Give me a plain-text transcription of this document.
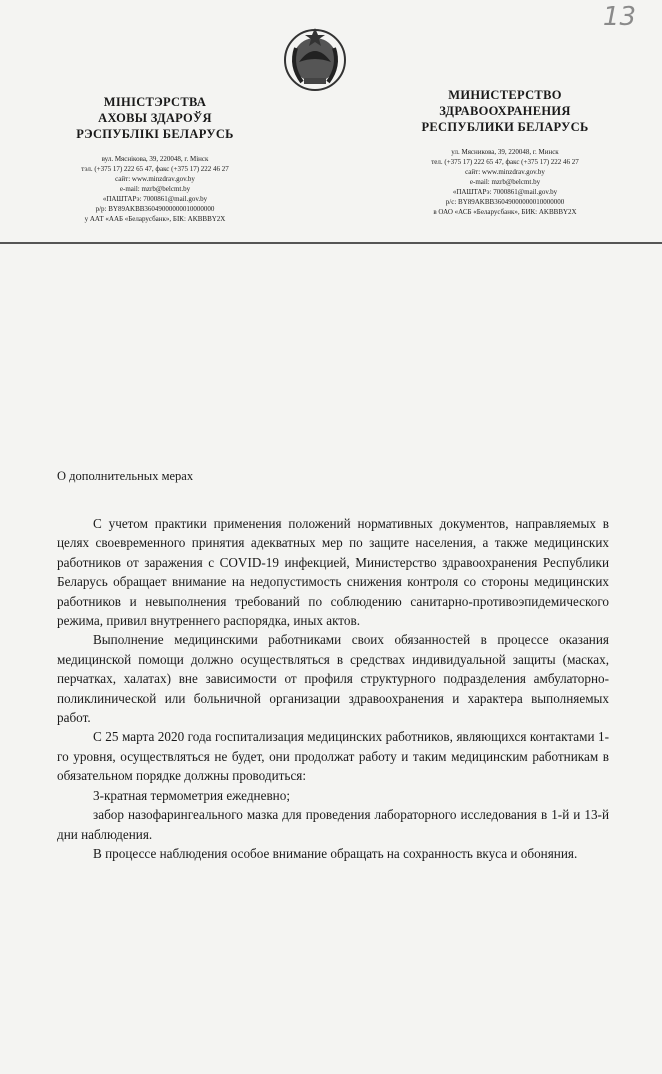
13
МІНІСТЭРСТВА
АХОВЫ ЗДАРОЎЯ
РЭСПУБЛІКІ БЕЛАРУСЬ
вул. Мяснікова, 39, 220048, г. Мінск
тэл. (+375 17) 222 65 47, факс (+375 17) 222 46 27
сайт: www.minzdrav.gov.by
e-mail: mzrb@belcmt.by
«ПАШТАРэ: 7000861@mail.gov.by
р/р: BY89AKBB36049000000010000000
у ААТ «ААБ «Беларусбанк», БІК: AKBBBY2X
МИНИСТЕРСТВО
ЗДРАВООХРАНЕНИЯ
РЕСПУБЛИКИ БЕЛАРУСЬ
ул. Мясникова, 39, 220048, г. Минск
тел. (+375 17) 222 65 47, факс (+375 17) 222 46 27
сайт: www.minzdrav.gov.by
e-mail: mzrb@belcmt.by
«ПАШТАРэ: 7000861@mail.gov.by
р/с: BY89AKBB36049000000010000000
в ОАО «АСБ «Беларусбанк», БИК: AKBBBY2X
О дополнительных мерах

С учетом практики применения положений нормативных документов, направляемых в целях своевременного принятия адекватных мер по защите населения, а также медицинских работников от заражения с COVID-19 инфекцией, Министерство здравоохранения Республики Беларусь обращает внимание на недопустимость снижения контроля со стороны медицинских работников и невыполнения требований по соблюдению санитарно-противоэпидемического режима, привил внутреннего распорядка, иных актов.

Выполнение медицинскими работниками своих обязанностей в процессе оказания медицинской помощи должно осуществляться в средствах индивидуальной защиты (масках, перчатках, халатах) вне зависимости от профиля структурного подразделения амбулаторно-поликлинической или больничной организации здравоохранения и характера выполняемых работ.

С 25 марта 2020 года госпитализация медицинских работников, являющихся контактами 1-го уровня, осуществляться не будет, они продолжат работу и таким медицинским работникам в обязательном порядке должны проводиться:

3-кратная термометрия ежедневно;

забор назофарингеального мазка для проведения лабораторного исследования в 1-й и 13-й дни наблюдения.

В процессе наблюдения особое внимание обращать на сохранность вкуса и обоняния.
